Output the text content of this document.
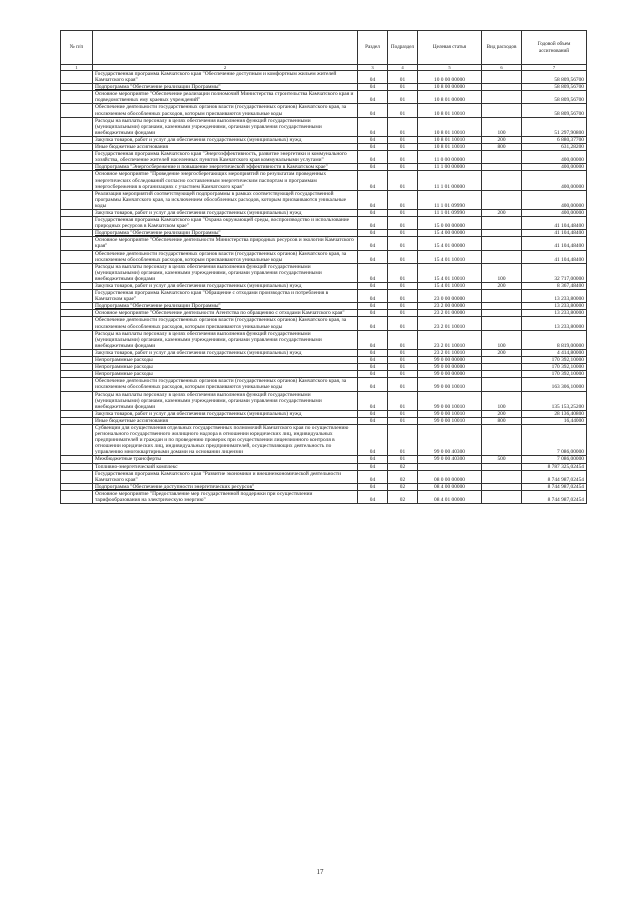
№ п/п		Раздел	Подраздел	Целевая статья	Вид расходов	Годовой объем ассигнований
1	2	3	4	5	6	7
	Государственная программа Камчатского края "Обеспечение доступным и комфортным жильем жителей Камчатского края"	04	01	10 0 00 00000		58 809,56700
	Подпрограмма "Обеспечение реализации Программы"	04	01	10 8 00 00000		58 809,56700
	Основное мероприятие "Обеспечение реализации полномочий Министерства строительства Камчатского края и подведомственных ему краевых учреждений"	04	01	10 8 01 00000		58 809,56700
	Обеспечение деятельности государственных органов власти (государственных органов) Камчатского края, за исключением обособленных расходов, которым присваиваются уникальные коды	04	01	10 8 01 10010		58 809,56700
	Расходы на выплаты персоналу в целях обеспечения выполнения функций государственными (муниципальными) органами, казенными учреждениями, органами управления государственными внебюджетными фондами	04	01	10 8 01 10010	100	51 297,90800
	Закупка товаров, работ и услуг для обеспечения государственных (муниципальных) нужд	04	01	10 8 01 10010	200	6 880,37700
	Иные бюджетные ассигнования	04	01	10 8 01 10010	800	631,28200
	Государственная программа Камчатского края "Энергоэффективность, развитие энергетики и коммунального хозяйства, обеспечение жителей населенных пунктов Камчатского края коммунальными услугами"	04	01	11 0 00 00000		400,00000
	Подпрограмма "Энергосбережение и повышение энергетической эффективности в Камчатском крае"	04	01	11 1 00 00000		400,00000
	Основное мероприятие "Проведение энергосберегающих мероприятий по результатам проведенных энергетических обследований согласно составленным энергетическим паспортам и программам энергосбережения в организациях с участием Камчатского края"	04	01	11 1 01 00000		400,00000
	Реализация мероприятий соответствующей подпрограммы в рамках соответствующей государственной программы Камчатского края, за исключением обособленных расходов, которым присваиваются уникальные коды	04	01	11 1 01 09990		400,00000
	Закупка товаров, работ и услуг для обеспечения государственных (муниципальных) нужд	04	01	11 1 01 09990	200	400,00000
	Государственная программа Камчатского края "Охрана окружающей среды, воспроизводство и использование природных ресурсов в Камчатском крае"	04	01	15 0 00 00000		41 104,48400
	Подпрограмма "Обеспечение реализации Программы"	04	01	15 4 00 00000		41 104,48400
	Основное мероприятие "Обеспечение деятельности Министерства природных ресурсов и экологии Камчатского края"	04	01	15 4 01 00000		41 104,48400
	Обеспечение деятельности государственных органов власти (государственных органов) Камчатского края, за исключением обособленных расходов, которым присваиваются уникальные коды	04	01	15 4 01 10010		41 104,48400
	Расходы на выплаты персоналу в целях обеспечения выполнения функций государственными (муниципальными) органами, казенными учреждениями, органами управления государственными внебюджетными фондами	04	01	15 4 01 10010	100	32 717,00000
	Закупка товаров, работ и услуг для обеспечения государственных (муниципальных) нужд	04	01	15 4 01 10010	200	8 367,48400
	Государственная программа Камчатского края "Обращение с отходами производства и потребления в Камчатском крае"	04	01	23 0 00 00000		13 233,80000
	Подпрограмма "Обеспечение реализации Программы"	04	01	23 2 00 00000		13 233,80000
	Основное мероприятие "Обеспечение деятельности Агентства по обращению с отходами Камчатского края"	04	01	23 2 01 00000		13 233,80000
	Обеспечение деятельности государственных органов власти (государственных органов) Камчатского края, за исключением обособленных расходов, которым присваиваются уникальные коды	04	01	23 2 01 10010		13 233,80000
	Расходы на выплаты персоналу в целях обеспечения выполнения функций государственными (муниципальными) органами, казенными учреждениями, органами управления государственными внебюджетными фондами	04	01	23 2 01 10010	100	8 819,00000
	Закупка товаров, работ и услуг для обеспечения государственных (муниципальных) нужд	04	01	23 2 01 10010	200	4 414,80000
	Непрограммные расходы	04	01	99 0 00 00000		170 392,10000
	Непрограммные расходы	04	01	99 0 00 00000		170 392,10000
	Непрограммные расходы	04	01	99 0 00 00000		170 392,10000
	Обеспечение деятельности государственных органов власти (государственных органов) Камчатского края, за исключением обособленных расходов, которым присваиваются уникальные коды	04	01	99 0 00 10010		163 306,10000
	Расходы на выплаты персоналу в целях обеспечения выполнения функций государственными (муниципальными) органами, казенными учреждениями, органами управления государственными внебюджетными фондами	04	01	99 0 00 10010	100	135 153,25200
	Закупка товаров, работ и услуг для обеспечения государственных (муниципальных) нужд	04	01	99 0 00 10010	200	28 136,40800
	Иные бюджетные ассигнования	04	01	99 0 00 10010	800	16,44000
	Субвенции для осуществления отдельных государственных полномочий Камчатского края по осуществлению регионального государственного жилищного надзора в отношении юридических лиц, индивидуальных предпринимателей и граждан и по проведению проверок при осуществлении лицензионного контроля в отношении юридических лиц, индивидуальных предпринимателей, осуществляющих деятельность по управлению многоквартирными домами на основании лицензии	04	01	99 0 00 40300		7 086,00000
	Межбюджетные трансферты	04	01	99 0 00 40300	500	7 086,00000
	Топливно-энергетический комплекс	04	02			8 787 325,02454
	Государственная программа Камчатского края "Развитие экономики и внешнеэкономической деятельности Камчатского края"	04	02	08 0 00 00000		8 744 987,02454
	Подпрограмма "Обеспечение доступности энергетических ресурсов"	04	02	08 4 00 00000		8 744 987,02454
	Основное мероприятие "Предоставление мер государственной поддержки при осуществлении тарифообразования на электрическую энергию"	04	02	08 4 01 00000		8 744 987,02454
17
